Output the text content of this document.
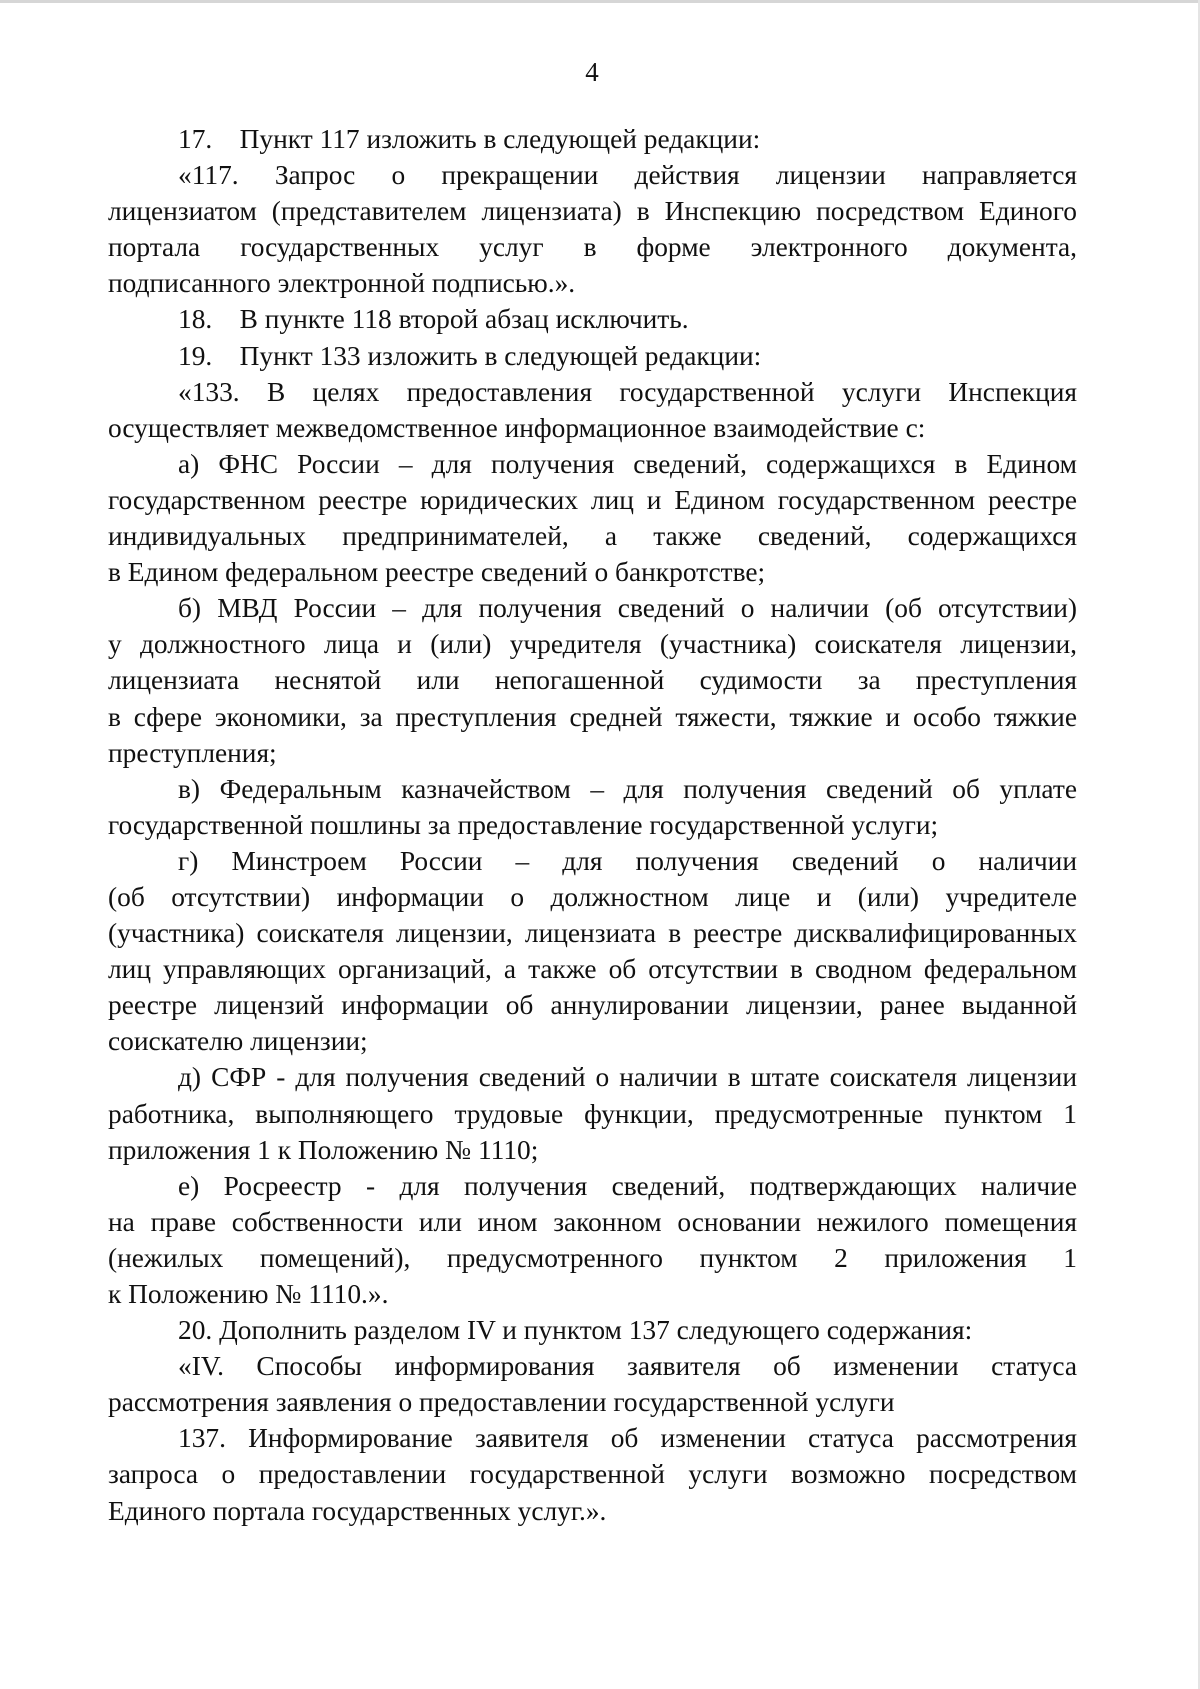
4
17.    Пункт 117 изложить в следующей редакции:
«117. Запрос о прекращении действия лицензии направляется
лицензиатом (представителем лицензиата) в Инспекцию посредством Единого
портала государственных услуг в форме электронного документа,
подписанного электронной подписью.».
18.    В пункте 118 второй абзац исключить.
19.    Пункт 133 изложить в следующей редакции:
«133. В целях предоставления государственной услуги Инспекция
осуществляет межведомственное информационное взаимодействие с:
а) ФНС России – для получения сведений, содержащихся в Едином
государственном реестре юридических лиц и Едином государственном реестре
индивидуальных предпринимателей, а также сведений, содержащихся
в Едином федеральном реестре сведений о банкротстве;
б) МВД России – для получения сведений о наличии (об отсутствии)
у должностного лица и (или) учредителя (участника) соискателя лицензии,
лицензиата неснятой или непогашенной судимости за преступления
в сфере экономики, за преступления средней тяжести, тяжкие и особо тяжкие
преступления;
в) Федеральным казначейством – для получения сведений об уплате
государственной пошлины за предоставление государственной услуги;
г) Минстроем России – для получения сведений о наличии
(об отсутствии) информации о должностном лице и (или) учредителе
(участника) соискателя лицензии, лицензиата в реестре дисквалифицированных
лиц управляющих организаций, а также об отсутствии в сводном федеральном
реестре лицензий информации об аннулировании лицензии, ранее выданной
соискателю лицензии;
д) СФР - для получения сведений о наличии в штате соискателя лицензии
работника, выполняющего трудовые функции, предусмотренные пунктом 1
приложения 1 к Положению № 1110;
е) Росреестр - для получения сведений, подтверждающих наличие
на праве собственности или ином законном основании нежилого помещения
(нежилых помещений), предусмотренного пунктом 2 приложения 1
к Положению № 1110.».
20. Дополнить разделом IV и пунктом 137 следующего содержания:
«IV. Способы информирования заявителя об изменении статуса
рассмотрения заявления о предоставлении государственной услуги
137. Информирование заявителя об изменении статуса рассмотрения
запроса о предоставлении государственной услуги возможно посредством
Единого портала государственных услуг.».
